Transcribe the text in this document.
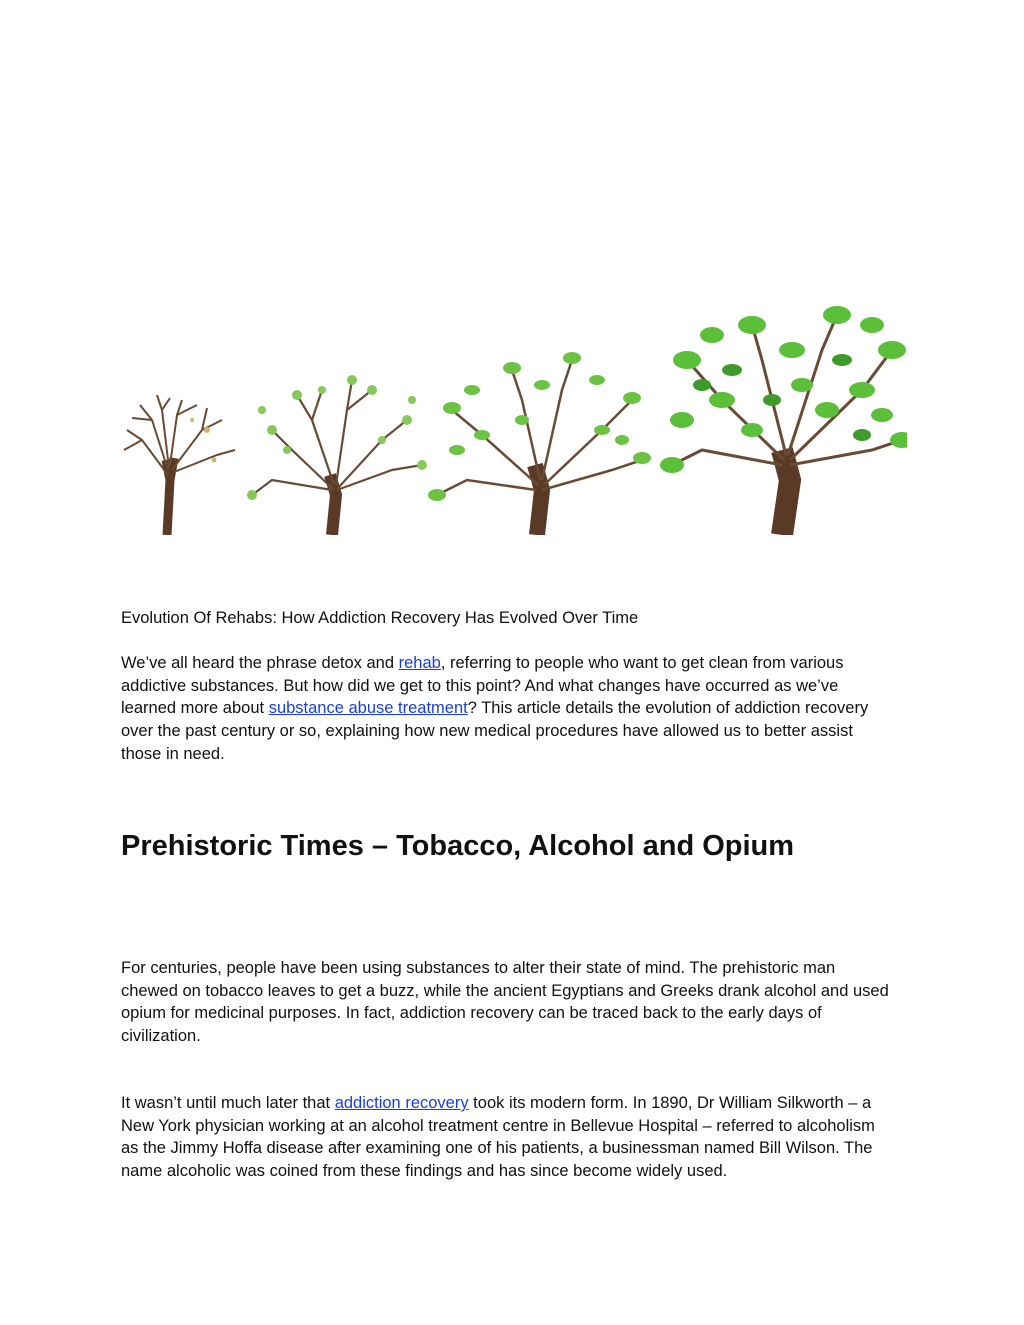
Evolution Of Rehabs: How Addiction Recovery Has Evolved Over Time

We’ve all heard the phrase detox and rehab, referring to people who want to get clean from various addictive substances. But how did we get to this point? And what changes have occurred as we’ve learned more about substance abuse treatment? This article details the evolution of addiction recovery over the past century or so, explaining how new medical procedures have allowed us to better assist those in need.

Prehistoric Times – Tobacco, Alcohol and Opium

For centuries, people have been using substances to alter their state of mind. The prehistoric man chewed on tobacco leaves to get a buzz, while the ancient Egyptians and Greeks drank alcohol and used opium for medicinal purposes. In fact, addiction recovery can be traced back to the early days of civilization.

It wasn’t until much later that addiction recovery took its modern form. In 1890, Dr William Silkworth – a New York physician working at an alcohol treatment centre in Bellevue Hospital – referred to alcoholism as the Jimmy Hoffa disease after examining one of his patients, a businessman named Bill Wilson. The name alcoholic was coined from these findings and has since become widely used.
